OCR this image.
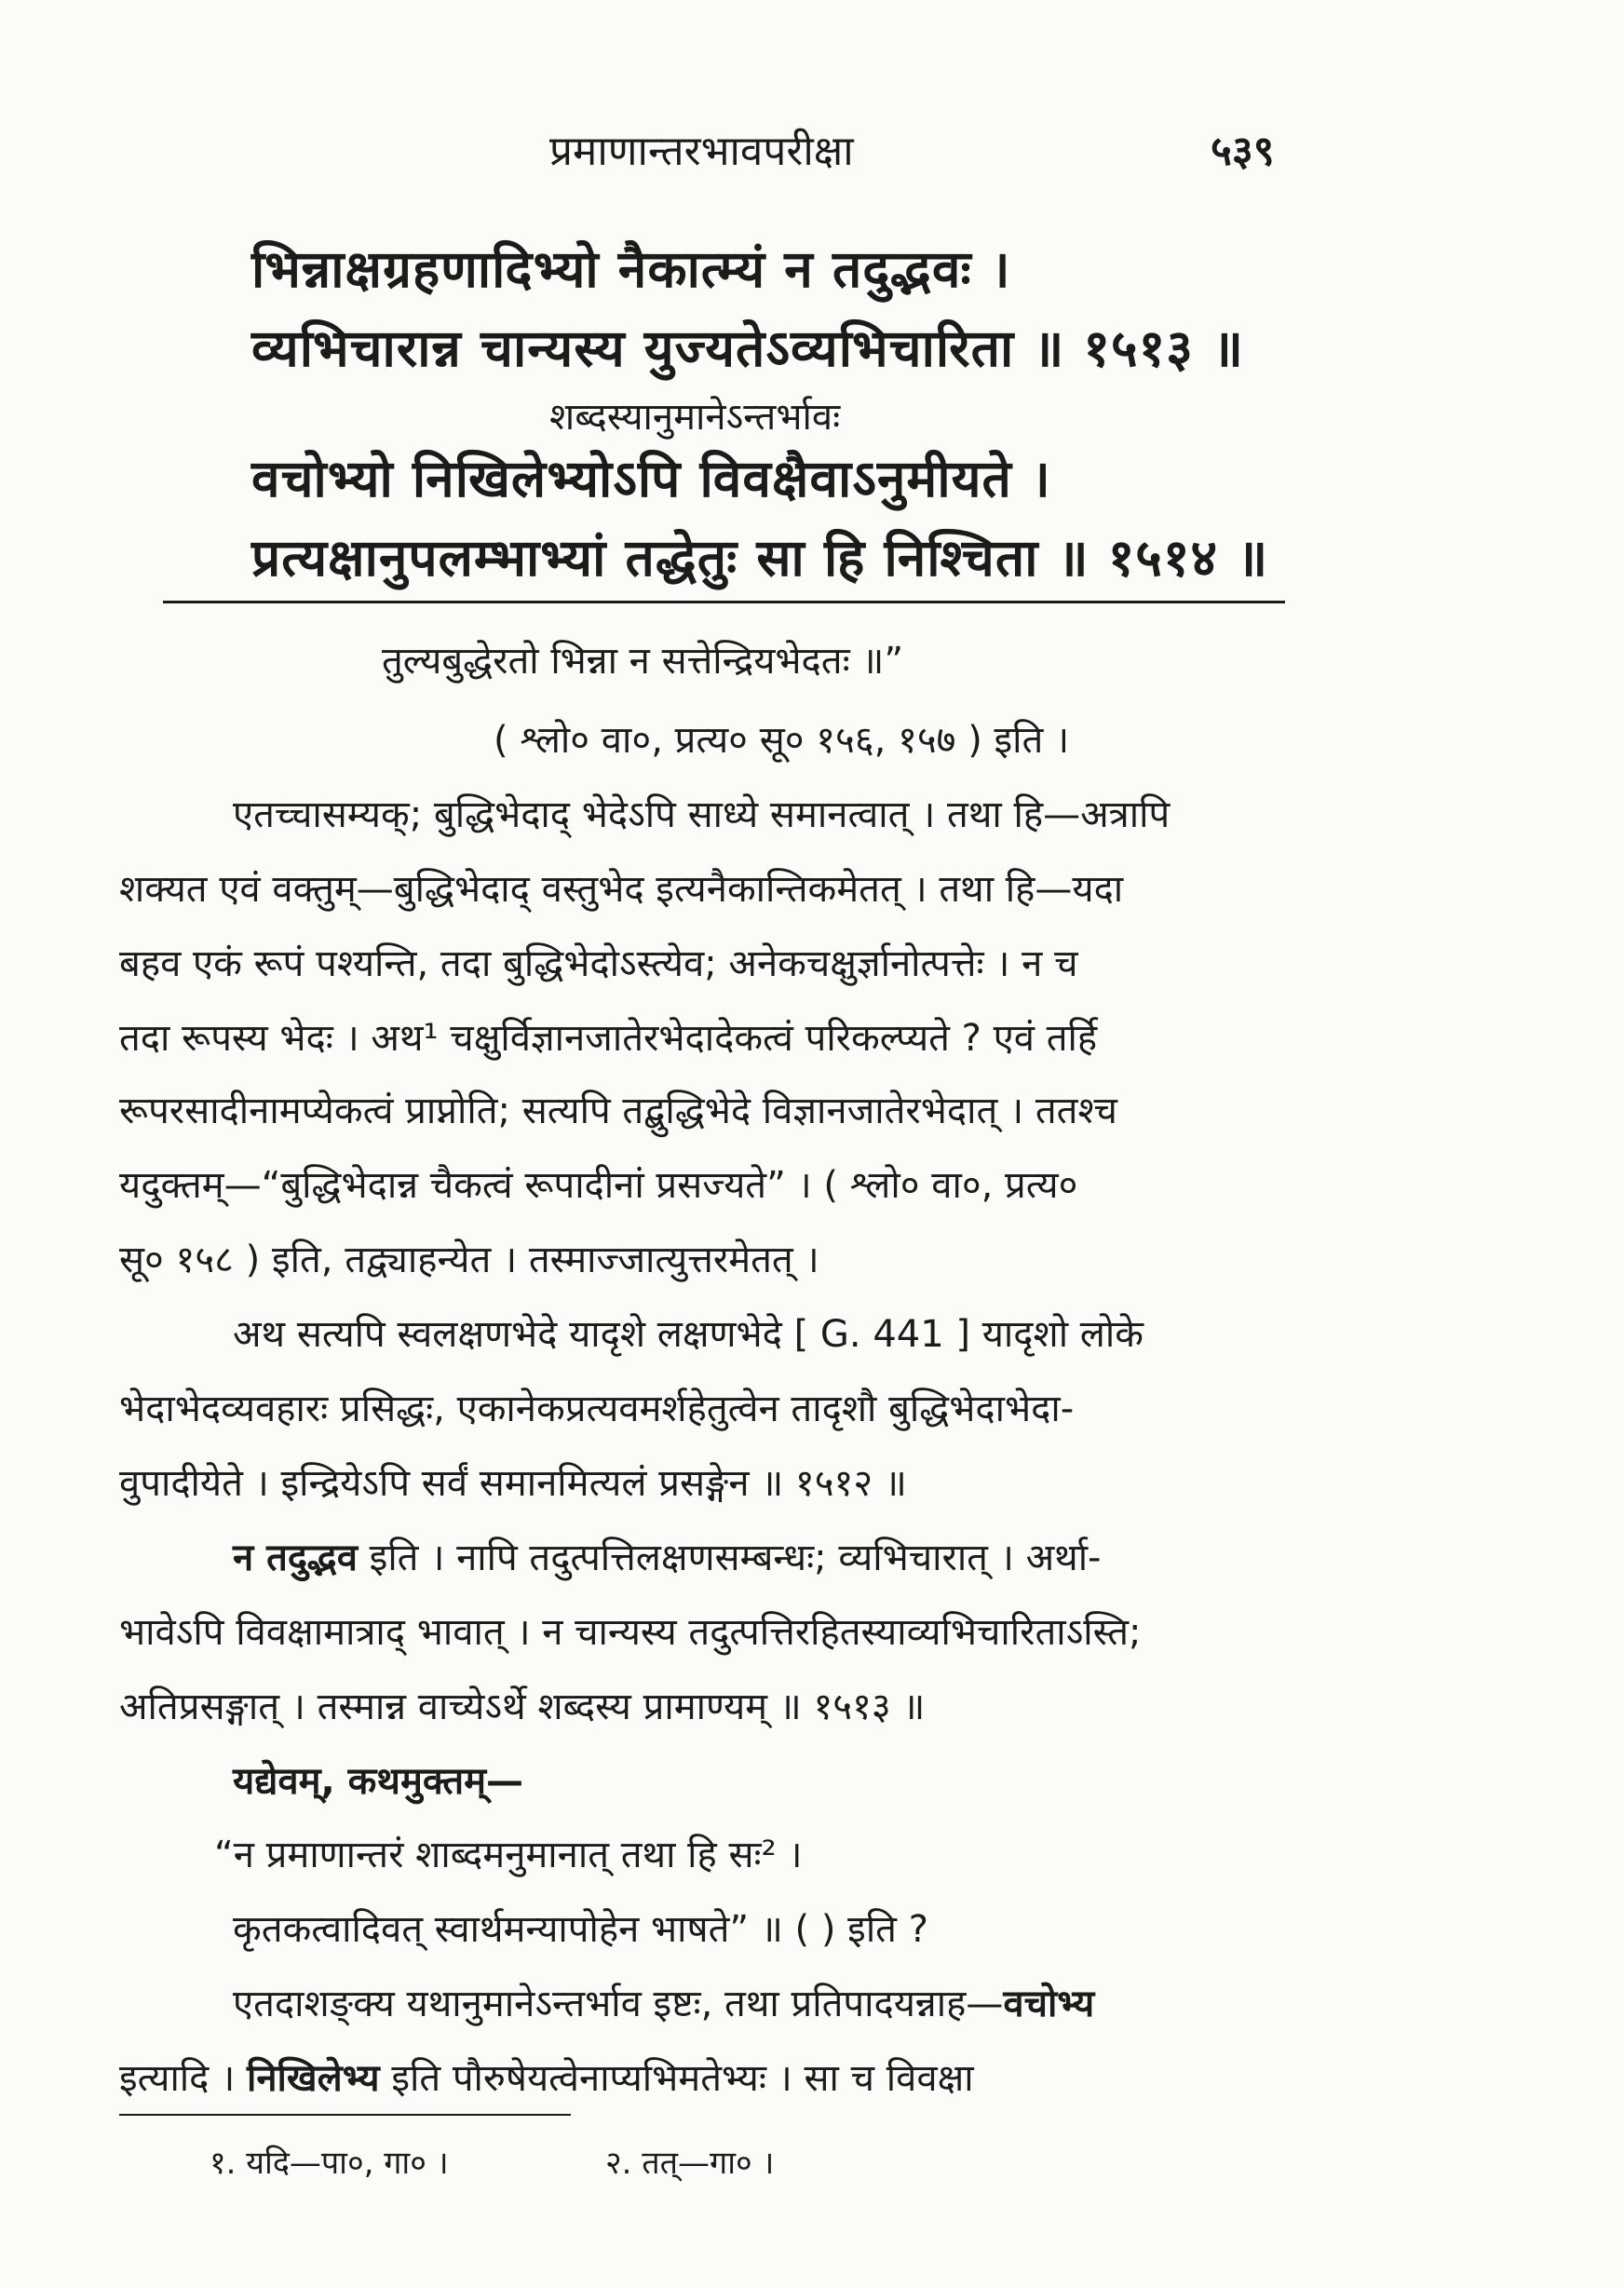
प्रमाणान्तरभावपरीक्षा	५३९
भिन्नाक्षग्रहणादिभ्यो नैकात्म्यं न तदुद्भवः ।
व्यभिचारान्न चान्यस्य युज्यतेऽव्यभिचारिता ॥ १५१३ ॥
शब्दस्यानुमानेऽन्तर्भावः
वचोभ्यो निखिलेभ्योऽपि विवक्षैवाऽनुमीयते ।
प्रत्यक्षानुपलम्भाभ्यां तद्धेतुः सा हि निश्चिता ॥ १५१४ ॥
तुल्यबुद्धेरतो भिन्ना न सत्तेन्द्रियभेदतः ॥”
( श्लो० वा०, प्रत्य० सू० १५६, १५७ ) इति ।
एतच्चासम्यक्; बुद्धिभेदाद् भेदेऽपि साध्ये समानत्वात् । तथा हि—अत्रापि
शक्यत एवं वक्तुम्—बुद्धिभेदाद् वस्तुभेद इत्यनैकान्तिकमेतत् । तथा हि—यदा
बहव एकं रूपं पश्यन्ति, तदा बुद्धिभेदोऽस्त्येव; अनेकचक्षुर्ज्ञानोत्पत्तेः । न च
तदा रूपस्य भेदः । अथ¹ चक्षुर्विज्ञानजातेरभेदादेकत्वं परिकल्प्यते ? एवं तर्हि
रूपरसादीनामप्येकत्वं प्राप्नोति; सत्यपि तद्बुद्धिभेदे विज्ञानजातेरभेदात् । ततश्च
यदुक्तम्—“बुद्धिभेदान्न चैकत्वं रूपादीनां प्रसज्यते” । ( श्लो० वा०, प्रत्य०
सू० १५८ ) इति, तद्व्याहन्येत । तस्माज्जात्युत्तरमेतत् ।
अथ सत्यपि स्वलक्षणभेदे यादृशे लक्षणभेदे [ G. 441 ] यादृशो लोके
भेदाभेदव्यवहारः प्रसिद्धः, एकानेकप्रत्यवमर्शहेतुत्वेन तादृशौ बुद्धिभेदाभेदा-
वुपादीयेते । इन्द्रियेऽपि सर्वं समानमित्यलं प्रसङ्गेन ॥ १५१२ ॥
न तदुद्भव इति । नापि तदुत्पत्तिलक्षणसम्बन्धः; व्यभिचारात् । अर्था-
भावेऽपि विवक्षामात्राद् भावात् । न चान्यस्य तदुत्पत्तिरहितस्याव्यभिचारिताऽस्ति;
अतिप्रसङ्गात् । तस्मान्न वाच्येऽर्थे शब्दस्य प्रामाण्यम् ॥ १५१३ ॥
यद्येवम्, कथमुक्तम्—
“न प्रमाणान्तरं शाब्दमनुमानात् तथा हि सः² ।
कृतकत्वादिवत् स्वार्थमन्यापोहेन भाषते” ॥ ( ) इति ?
एतदाशङ्क्य यथानुमानेऽन्तर्भाव इष्टः, तथा प्रतिपादयन्नाह—वचोभ्य
इत्यादि । निखिलेभ्य इति पौरुषेयत्वेनाप्यभिमतेभ्यः । सा च विवक्षा
१. यदि—पा०, गा० ।	२. तत्—गा० ।
